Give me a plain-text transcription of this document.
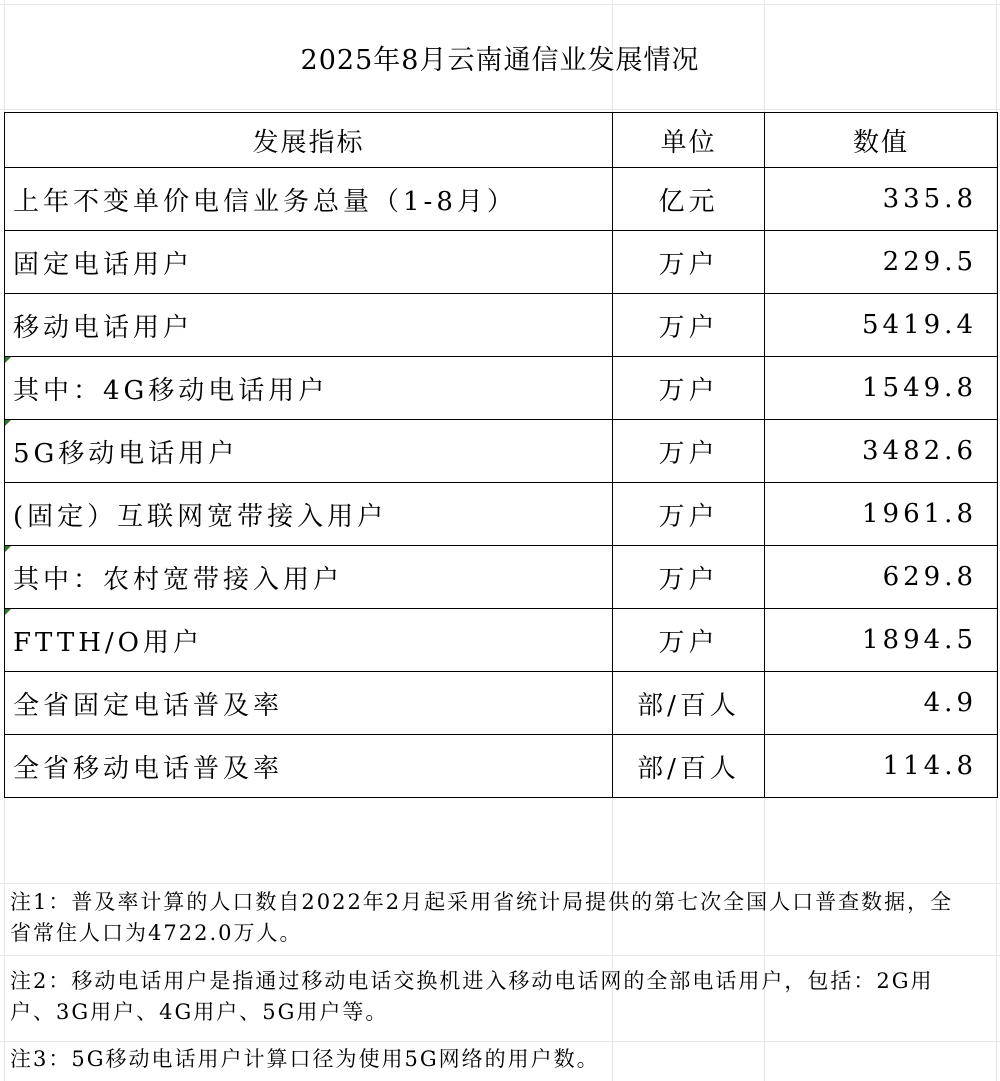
2025年8月云南通信业发展情况
发展指标	单位	数值
上年不变单价电信业务总量（1-8月）	亿元	335.8
固定电话用户	万户	229.5
移动电话用户	万户	5419.4

其中：4G移动电话用户	万户	1549.8

5G移动电话用户	万户	3482.6
(固定）互联网宽带接入用户	万户	1961.8

其中：农村宽带接入用户	万户	629.8

FTTH/O用户	万户	1894.5
全省固定电话普及率	部/百人	4.9
全省移动电话普及率	部/百人	114.8
注1：普及率计算的人口数自2022年2月起采用省统计局提供的第七次全国人口普查数据，全省常住人口为4722.0万人。
注2：移动电话用户是指通过移动电话交换机进入移动电话网的全部电话用户，包括：2G用户、3G用户、4G用户、5G用户等。
注3：5G移动电话用户计算口径为使用5G网络的用户数。
